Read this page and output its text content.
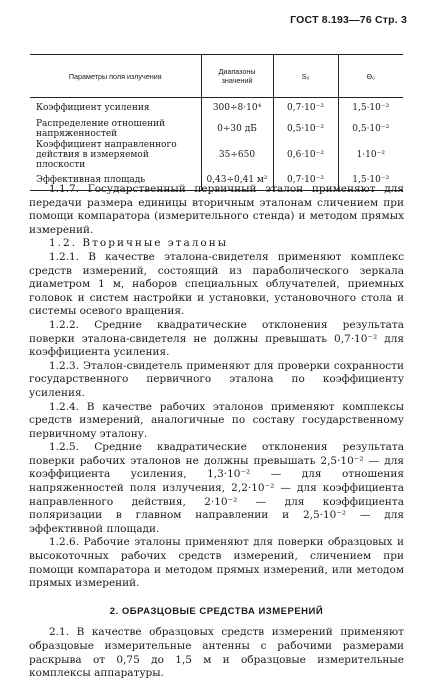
ГОСТ 8.193—76 Стр. 3
Параметры поля излучения	Диапазоны значений	S₀	Θ₀
Коэффициент усиления	300÷8·10⁴	0,7·10⁻²	1,5·10⁻²
Распределение отношений напряженностей	0÷30 дБ	0,5·10⁻²	0,5·10⁻²
Коэффициент направленного действия в измеряемой плоскости	35÷650	0,6·10⁻²	1·10⁻²
Эффективная площадь	0,43÷0,41 м²	0,7·10⁻²	1,5·10⁻²

1.1.7. Государственный первичный эталон применяют для передачи размера единицы вторичным эталонам сличением при помощи компаратора (измерительного стенда) и методом прямых измерений.

1.2. Вторичные эталоны

1.2.1. В качестве эталона-свидетеля применяют комплекс средств измерений, состоящий из параболического зеркала диаметром 1 м, наборов специальных облучателей, приемных головок и систем настройки и установки, установочного стола и системы осевого вращения.

1.2.2. Средние квадратические отклонения результата поверки эталона-свидетеля не должны превышать 0,7·10⁻² для коэффициента усиления.

1.2.3. Эталон-свидетель применяют для проверки сохранности государственного первичного эталона по коэффициенту усиления.

1.2.4. В качестве рабочих эталонов применяют комплексы средств измерений, аналогичные по составу государственному первичному эталону.

1.2.5. Средние квадратические отклонения результата поверки рабочих эталонов не должны превышать 2,5·10⁻² — для коэффициента усиления, 1,3·10⁻² — для отношения напряженностей поля излучения, 2,2·10⁻² — для коэффициента направленного действия, 2·10⁻² — для коэффициента поляризации в главном направлении и 2,5·10⁻² — для эффективной площади.

1.2.6. Рабочие эталоны применяют для поверки образцовых и высокоточных рабочих средств измерений, сличением при помощи компаратора и методом прямых измерений, или методом прямых измерений.

2. ОБРАЗЦОВЫЕ СРЕДСТВА ИЗМЕРЕНИЙ

2.1. В качестве образцовых средств измерений применяют образцовые измерительные антенны с рабочими размерами раскрыва от 0,75 до 1,5 м и образцовые измерительные комплексы аппаратуры.
